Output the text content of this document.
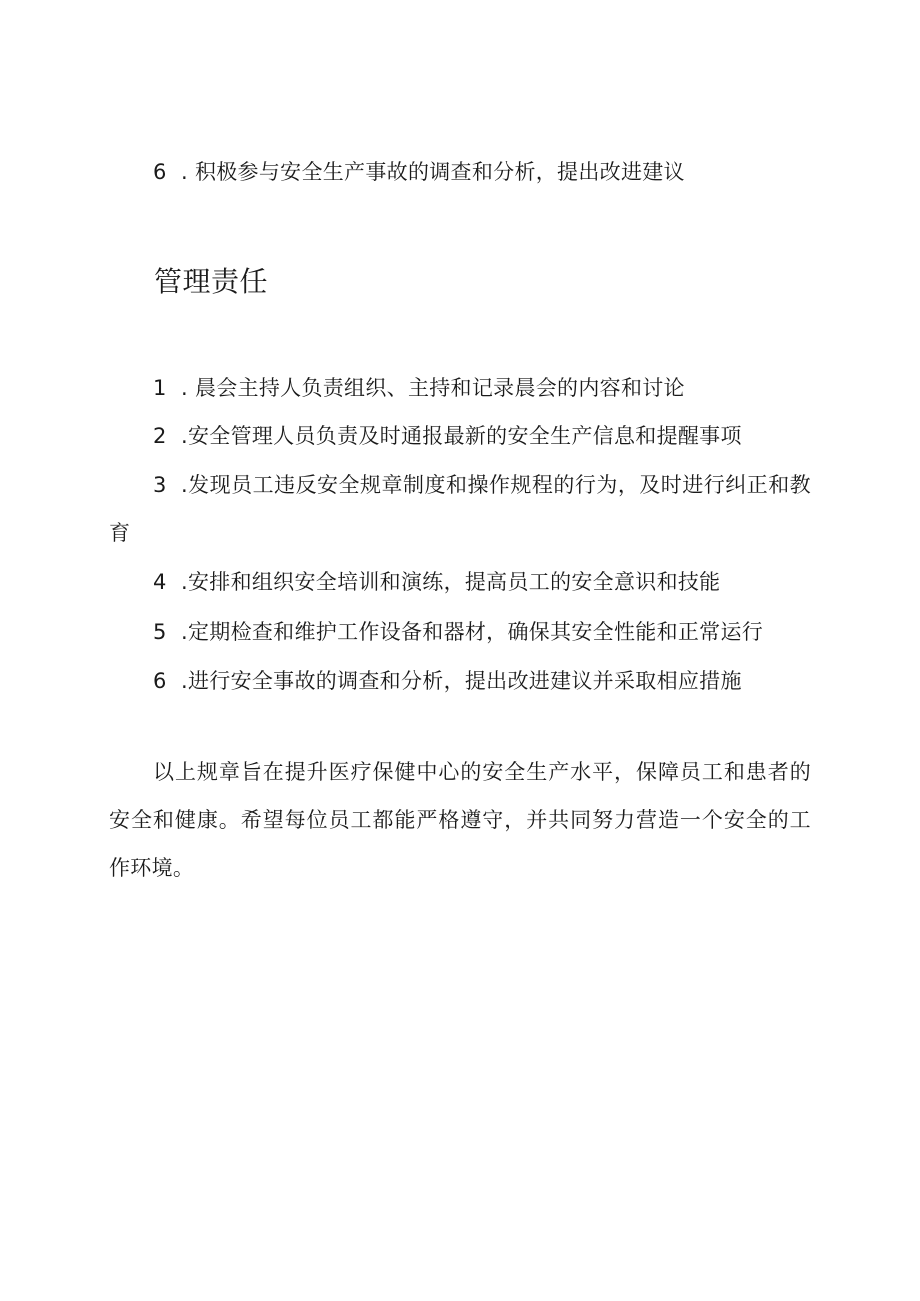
6 . 积极参与安全生产事故的调查和分析，提出改进建议
管理责任
1 . 晨会主持人负责组织、主持和记录晨会的内容和讨论
2 .安全管理人员负责及时通报最新的安全生产信息和提醒事项
3 .发现员工违反安全规章制度和操作规程的行为，及时进行纠正和教育
4 .安排和组织安全培训和演练，提高员工的安全意识和技能
5 .定期检查和维护工作设备和器材，确保其安全性能和正常运行
6 .进行安全事故的调查和分析，提出改进建议并采取相应措施

以上规章旨在提升医疗保健中心的安全生产水平，保障员工和患者的安全和健康。希望每位员工都能严格遵守，并共同努力营造一个安全的工作环境。
